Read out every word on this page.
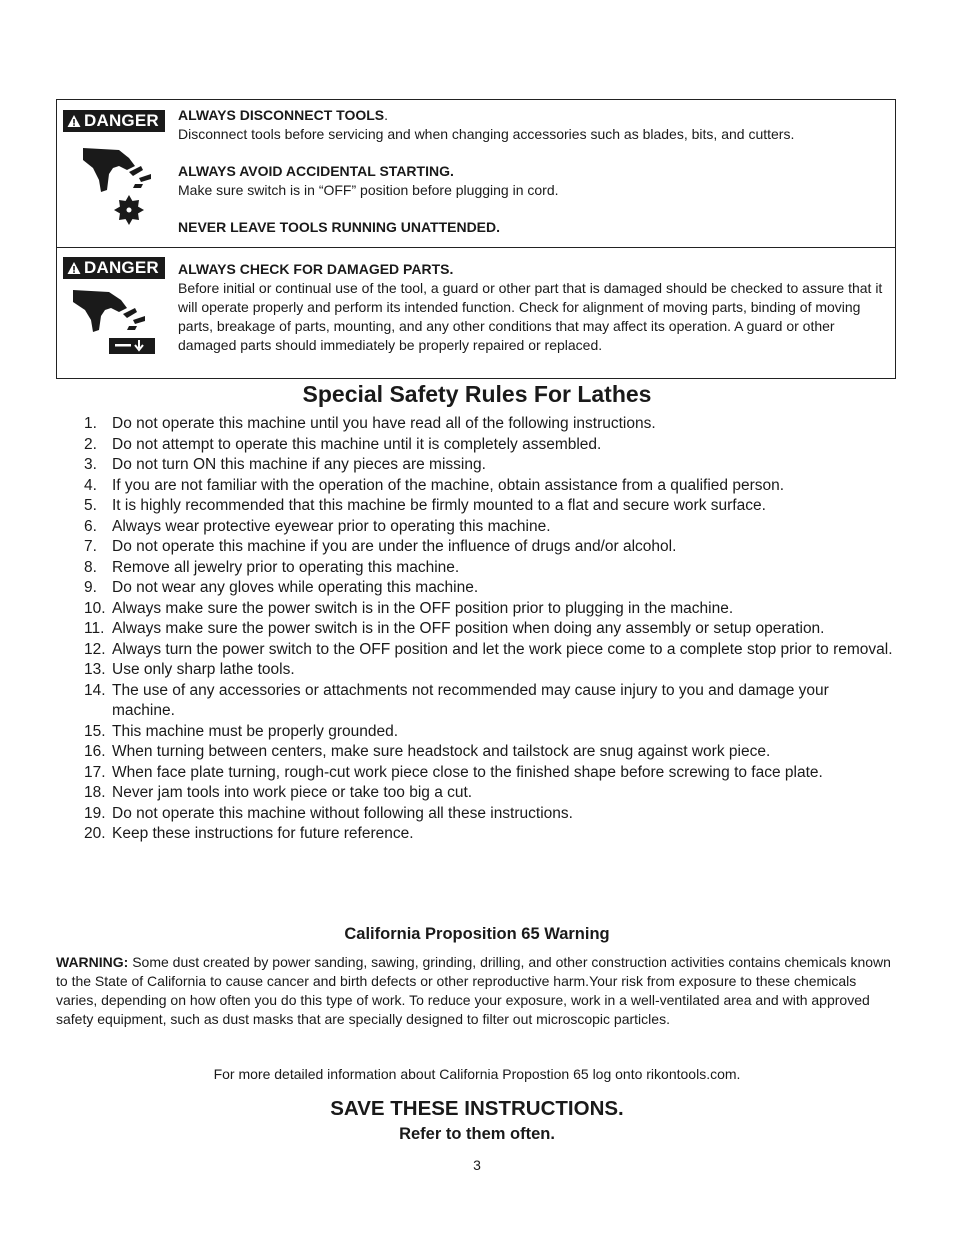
DANGER ALWAYS DISCONNECT TOOLS.
Disconnect tools before servicing and when changing accessories such as blades, bits, and cutters.
ALWAYS AVOID ACCIDENTAL STARTING.
Make sure switch is in “OFF” position before plugging in cord.
NEVER LEAVE TOOLS RUNNING UNATTENDED.
DANGER ALWAYS CHECK FOR DAMAGED PARTS.
Before initial or continual use of the tool, a guard or other part that is damaged should be checked to assure that it will operate properly and perform its intended function. Check for alignment of moving parts, binding of moving parts, breakage of parts, mounting, and any other conditions that may affect its operation. A guard or other damaged parts should immediately be properly repaired or replaced.
Special Safety Rules For Lathes
1. Do not operate this machine until you have read all of the following instructions.
2. Do not attempt to operate this machine until it is completely assembled.
3. Do not turn ON this machine if any pieces are missing.
4. If you are not familiar with the operation of the machine, obtain assistance from a qualified person.
5. It is highly recommended that this machine be firmly mounted to a flat and secure work surface.
6. Always wear protective eyewear prior to operating this machine.
7. Do not operate this machine if you are under the influence of drugs and/or alcohol.
8. Remove all jewelry prior to operating this machine.
9. Do not wear any gloves while operating this machine.
10. Always make sure the power switch is in the OFF position prior to plugging in the machine.
11. Always make sure the power switch is in the OFF position when doing any assembly or setup operation.
12. Always turn the power switch to the OFF position and let the work piece come to a complete stop prior to removal.
13. Use only sharp lathe tools.
14. The use of any accessories or attachments not recommended may cause injury to you and damage your machine.
15. This machine must be properly grounded.
16. When turning between centers, make sure headstock and tailstock are snug against work piece.
17. When face plate turning, rough-cut work piece close to the finished shape before screwing to face plate.
18. Never jam tools into work piece or take too big a cut.
19. Do not operate this machine without following all these instructions.
20. Keep these instructions for future reference.
California Proposition 65 Warning
WARNING: Some dust created by power sanding, sawing, grinding, drilling, and other construction activities contains chemicals known to the State of California to cause cancer and birth defects or other reproductive harm.Your risk from exposure to these chemicals varies, depending on how often you do this type of work. To reduce your exposure, work in a well-ventilated area and with approved safety equipment, such as dust masks that are specially designed to filter out microscopic particles.
For more detailed information about California Propostion 65 log onto rikontools.com.
SAVE THESE INSTRUCTIONS.
Refer to them often.
3
